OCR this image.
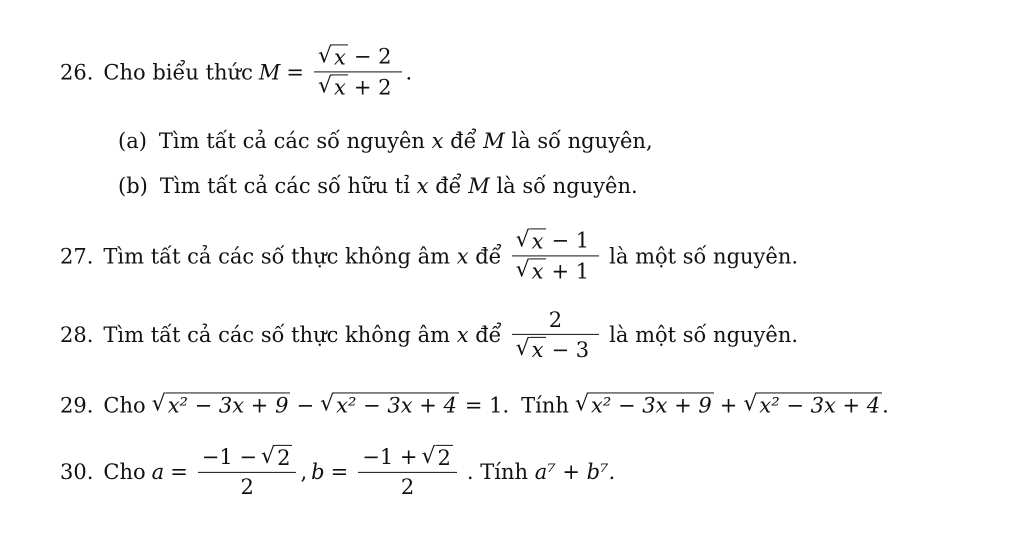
26. Cho biểu thức $M = \frac{√ x - 2}{√ x + 2}$ .
(a) Tìm tất cả các số nguyên
x
để
M
là số nguyên,
(b) Tìm tất cả các số hữu tỉ
x
để
M
là số nguyên.
27. Tìm tất cả các số thực không âm
x
để $\frac{√ x - 1}{√ x + 1}$ là một số nguyên.
28. Tìm tất cả các số thực không âm
x
để $\frac{2}{√ x - 3}$ là một số nguyên.
29. Cho √ x² − 3x + 9 − √ x² − 3x + 4 = 1. Tính √ x² − 3x + 9 + √ x² − 3x + 4 .
30. Cho $a = \frac{-1 - √ 2}{2}$ , $b = \frac{-1 + √ 2}{2}$ . Tính
a⁷ + b⁷.
